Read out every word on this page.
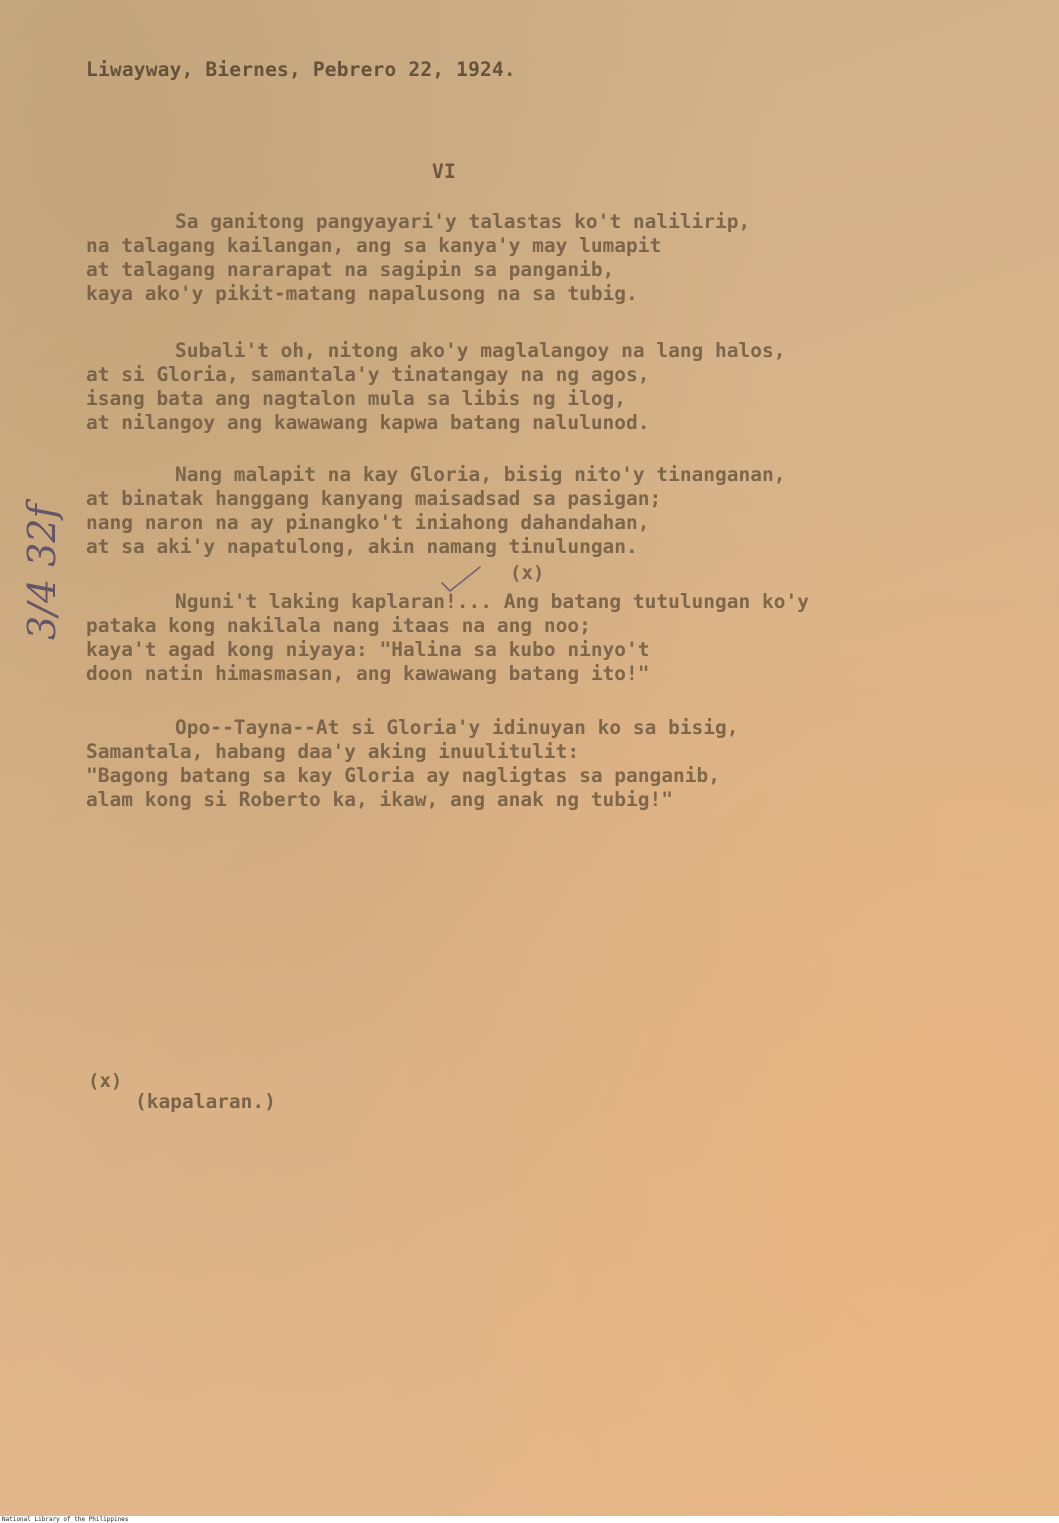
Liwayway, Biernes, Pebrero 22, 1924.
VI
Sa ganitong pangyayari'y talastas ko't nalilirip,
na talagang kailangan, ang sa kanya'y may lumapit
at talagang nararapat na sagipin sa panganib,
kaya ako'y pikit-matang napalusong na sa tubig.
Subali't oh, nitong ako'y maglalangoy na lang halos,
at si Gloria, samantala'y tinatangay na ng agos,
isang bata ang nagtalon mula sa libis ng ilog,
at nilangoy ang kawawang kapwa batang nalulunod.
Nang malapit na kay Gloria, bisig nito'y tinanganan,
at binatak hanggang kanyang maisadsad sa pasigan;
nang naron na ay pinangko't iniahong dahandahan,
at sa aki'y napatulong, akin namang tinulungan.
(x)
Nguni't laking kaplaran!... Ang batang tutulungan ko'y
pataka kong nakilala nang itaas na ang noo;
kaya't agad kong niyaya: "Halina sa kubo ninyo't
doon natin himasmasan, ang kawawang batang ito!"
Opo--Tayna--At si Gloria'y idinuyan ko sa bisig,
Samantala, habang daa'y aking inuulitulit:
"Bagong batang sa kay Gloria ay nagligtas sa panganib,
alam kong si Roberto ka, ikaw, ang anak ng tubig!"
3/4 32f
(x)
(kapalaran.)
National Library of the Philippines
